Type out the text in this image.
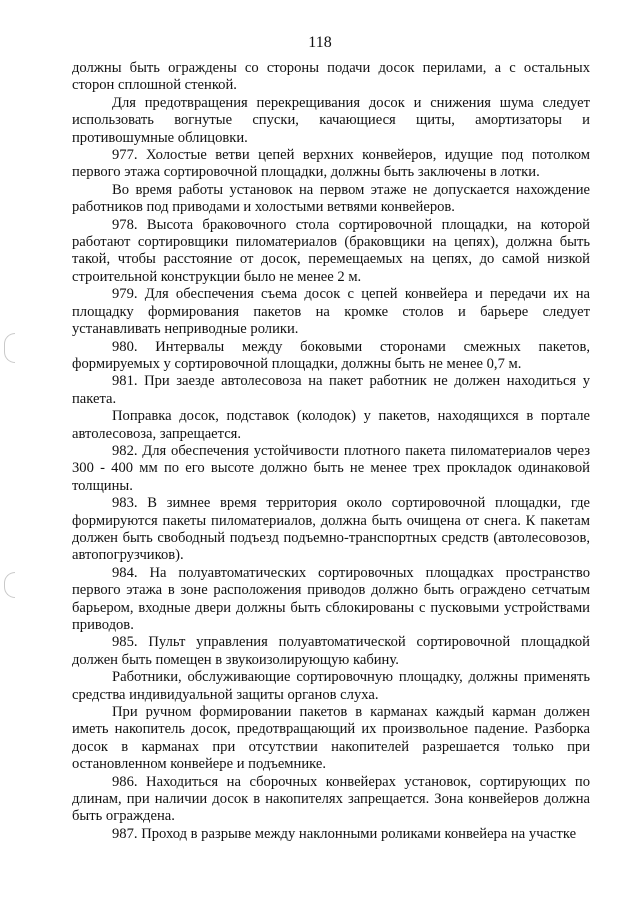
118

должны быть ограждены со стороны подачи досок перилами, а с остальных сторон сплошной стенкой.

Для предотвращения перекрещивания досок и снижения шума следует использовать вогнутые спуски, качающиеся щиты, амортизаторы и противошумные облицовки.

977. Холостые ветви цепей верхних конвейеров, идущие под потолком первого этажа сортировочной площадки, должны быть заключены в лотки.

Во время работы установок на первом этаже не допускается нахождение работников под приводами и холостыми ветвями конвейеров.

978. Высота браковочного стола сортировочной площадки, на которой работают сортировщики пиломатериалов (браковщики на цепях), должна быть такой, чтобы расстояние от досок, перемещаемых на цепях, до самой низкой строительной конструкции было не менее 2 м.

979. Для обеспечения съема досок с цепей конвейера и передачи их на площадку формирования пакетов на кромке столов и барьере следует устанавливать неприводные ролики.

980. Интервалы между боковыми сторонами смежных пакетов, формируемых у сортировочной площадки, должны быть не менее 0,7 м.

981. При заезде автолесовоза на пакет работник не должен находиться у пакета.

Поправка досок, подставок (колодок) у пакетов, находящихся в портале автолесовоза, запрещается.

982. Для обеспечения устойчивости плотного пакета пиломатериалов через 300 - 400 мм по его высоте должно быть не менее трех прокладок одинаковой толщины.

983. В зимнее время территория около сортировочной площадки, где формируются пакеты пиломатериалов, должна быть очищена от снега. К пакетам должен быть свободный подъезд подъемно-транспортных средств (автолесовозов, автопогрузчиков).

984. На полуавтоматических сортировочных площадках пространство первого этажа в зоне расположения приводов должно быть ограждено сетчатым барьером, входные двери должны быть сблокированы с пусковыми устройствами приводов.

985. Пульт управления полуавтоматической сортировочной площадкой должен быть помещен в звукоизолирующую кабину.

Работники, обслуживающие сортировочную площадку, должны применять средства индивидуальной защиты органов слуха.

При ручном формировании пакетов в карманах каждый карман должен иметь накопитель досок, предотвращающий их произвольное падение. Разборка досок в карманах при отсутствии накопителей разрешается только при остановленном конвейере и подъемнике.

986. Находиться на сборочных конвейерах установок, сортирующих по длинам, при наличии досок в накопителях запрещается. Зона конвейеров должна быть ограждена.

987. Проход в разрыве между наклонными роликами конвейера на участке
